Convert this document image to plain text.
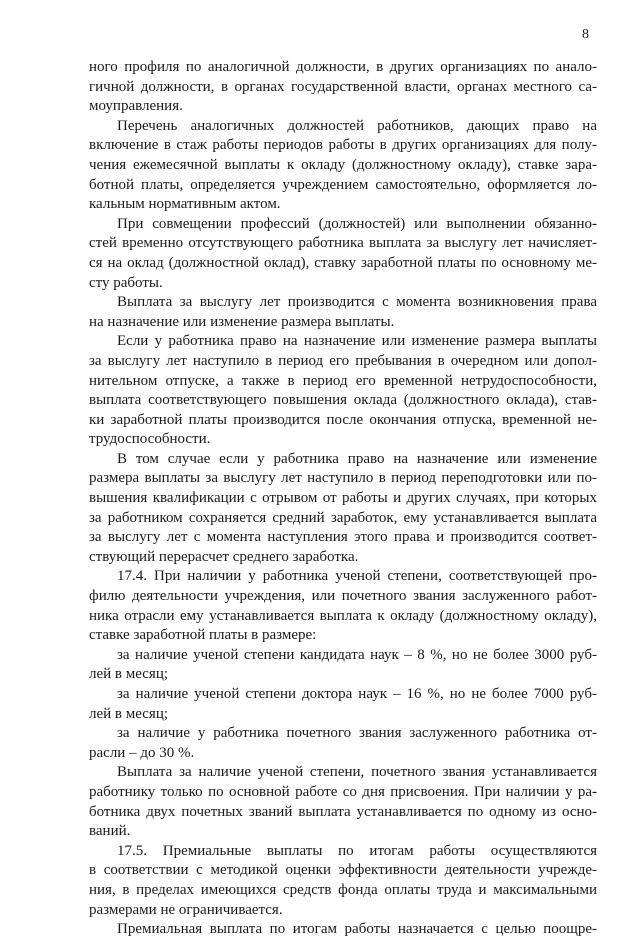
8
ного профиля по аналогичной должности, в других организациях по анало-
гичной должности, в органах государственной власти, органах местного са-
моуправления.
Перечень аналогичных должностей работников, дающих право на
включение в стаж работы периодов работы в других организациях для полу-
чения ежемесячной выплаты к окладу (должностному окладу), ставке зара-
ботной платы, определяется учреждением самостоятельно, оформляется ло-
кальным нормативным актом.
При совмещении профессий (должностей) или выполнении обязанно-
стей временно отсутствующего работника выплата за выслугу лет начисляет-
ся на оклад (должностной оклад), ставку заработной платы по основному ме-
сту работы.
Выплата за выслугу лет производится с момента возникновения права
на назначение или изменение размера выплаты.
Если у работника право на назначение или изменение размера выплаты
за выслугу лет наступило в период его пребывания в очередном или допол-
нительном отпуске, а также в период его временной нетрудоспособности,
выплата соответствующего повышения оклада (должностного оклада), став-
ки заработной платы производится после окончания отпуска, временной не-
трудоспособности.
В том случае если у работника право на назначение или изменение
размера выплаты за выслугу лет наступило в период переподготовки или по-
вышения квалификации с отрывом от работы и других случаях, при которых
за работником сохраняется средний заработок, ему устанавливается выплата
за выслугу лет с момента наступления этого права и производится соответ-
ствующий перерасчет среднего заработка.
17.4. При наличии у работника ученой степени, соответствующей про-
филю деятельности учреждения, или почетного звания заслуженного работ-
ника отрасли ему устанавливается выплата к окладу (должностному окладу),
ставке заработной платы в размере:
за наличие ученой степени кандидата наук – 8 %, но не более 3000 руб-
лей в месяц;
за наличие ученой степени доктора наук – 16 %, но не более 7000 руб-
лей в месяц;
за наличие у работника почетного звания заслуженного работника от-
расли – до 30 %.
Выплата за наличие ученой степени, почетного звания устанавливается
работнику только по основной работе со дня присвоения. При наличии у ра-
ботника двух почетных званий выплата устанавливается по одному из осно-
ваний.
17.5. Премиальные выплаты по итогам работы осуществляются
в соответствии с методикой оценки эффективности деятельности учрежде-
ния, в пределах имеющихся средств фонда оплаты труда и максимальными
размерами не ограничивается.
Премиальная выплата по итогам работы назначается с целью поощре-
